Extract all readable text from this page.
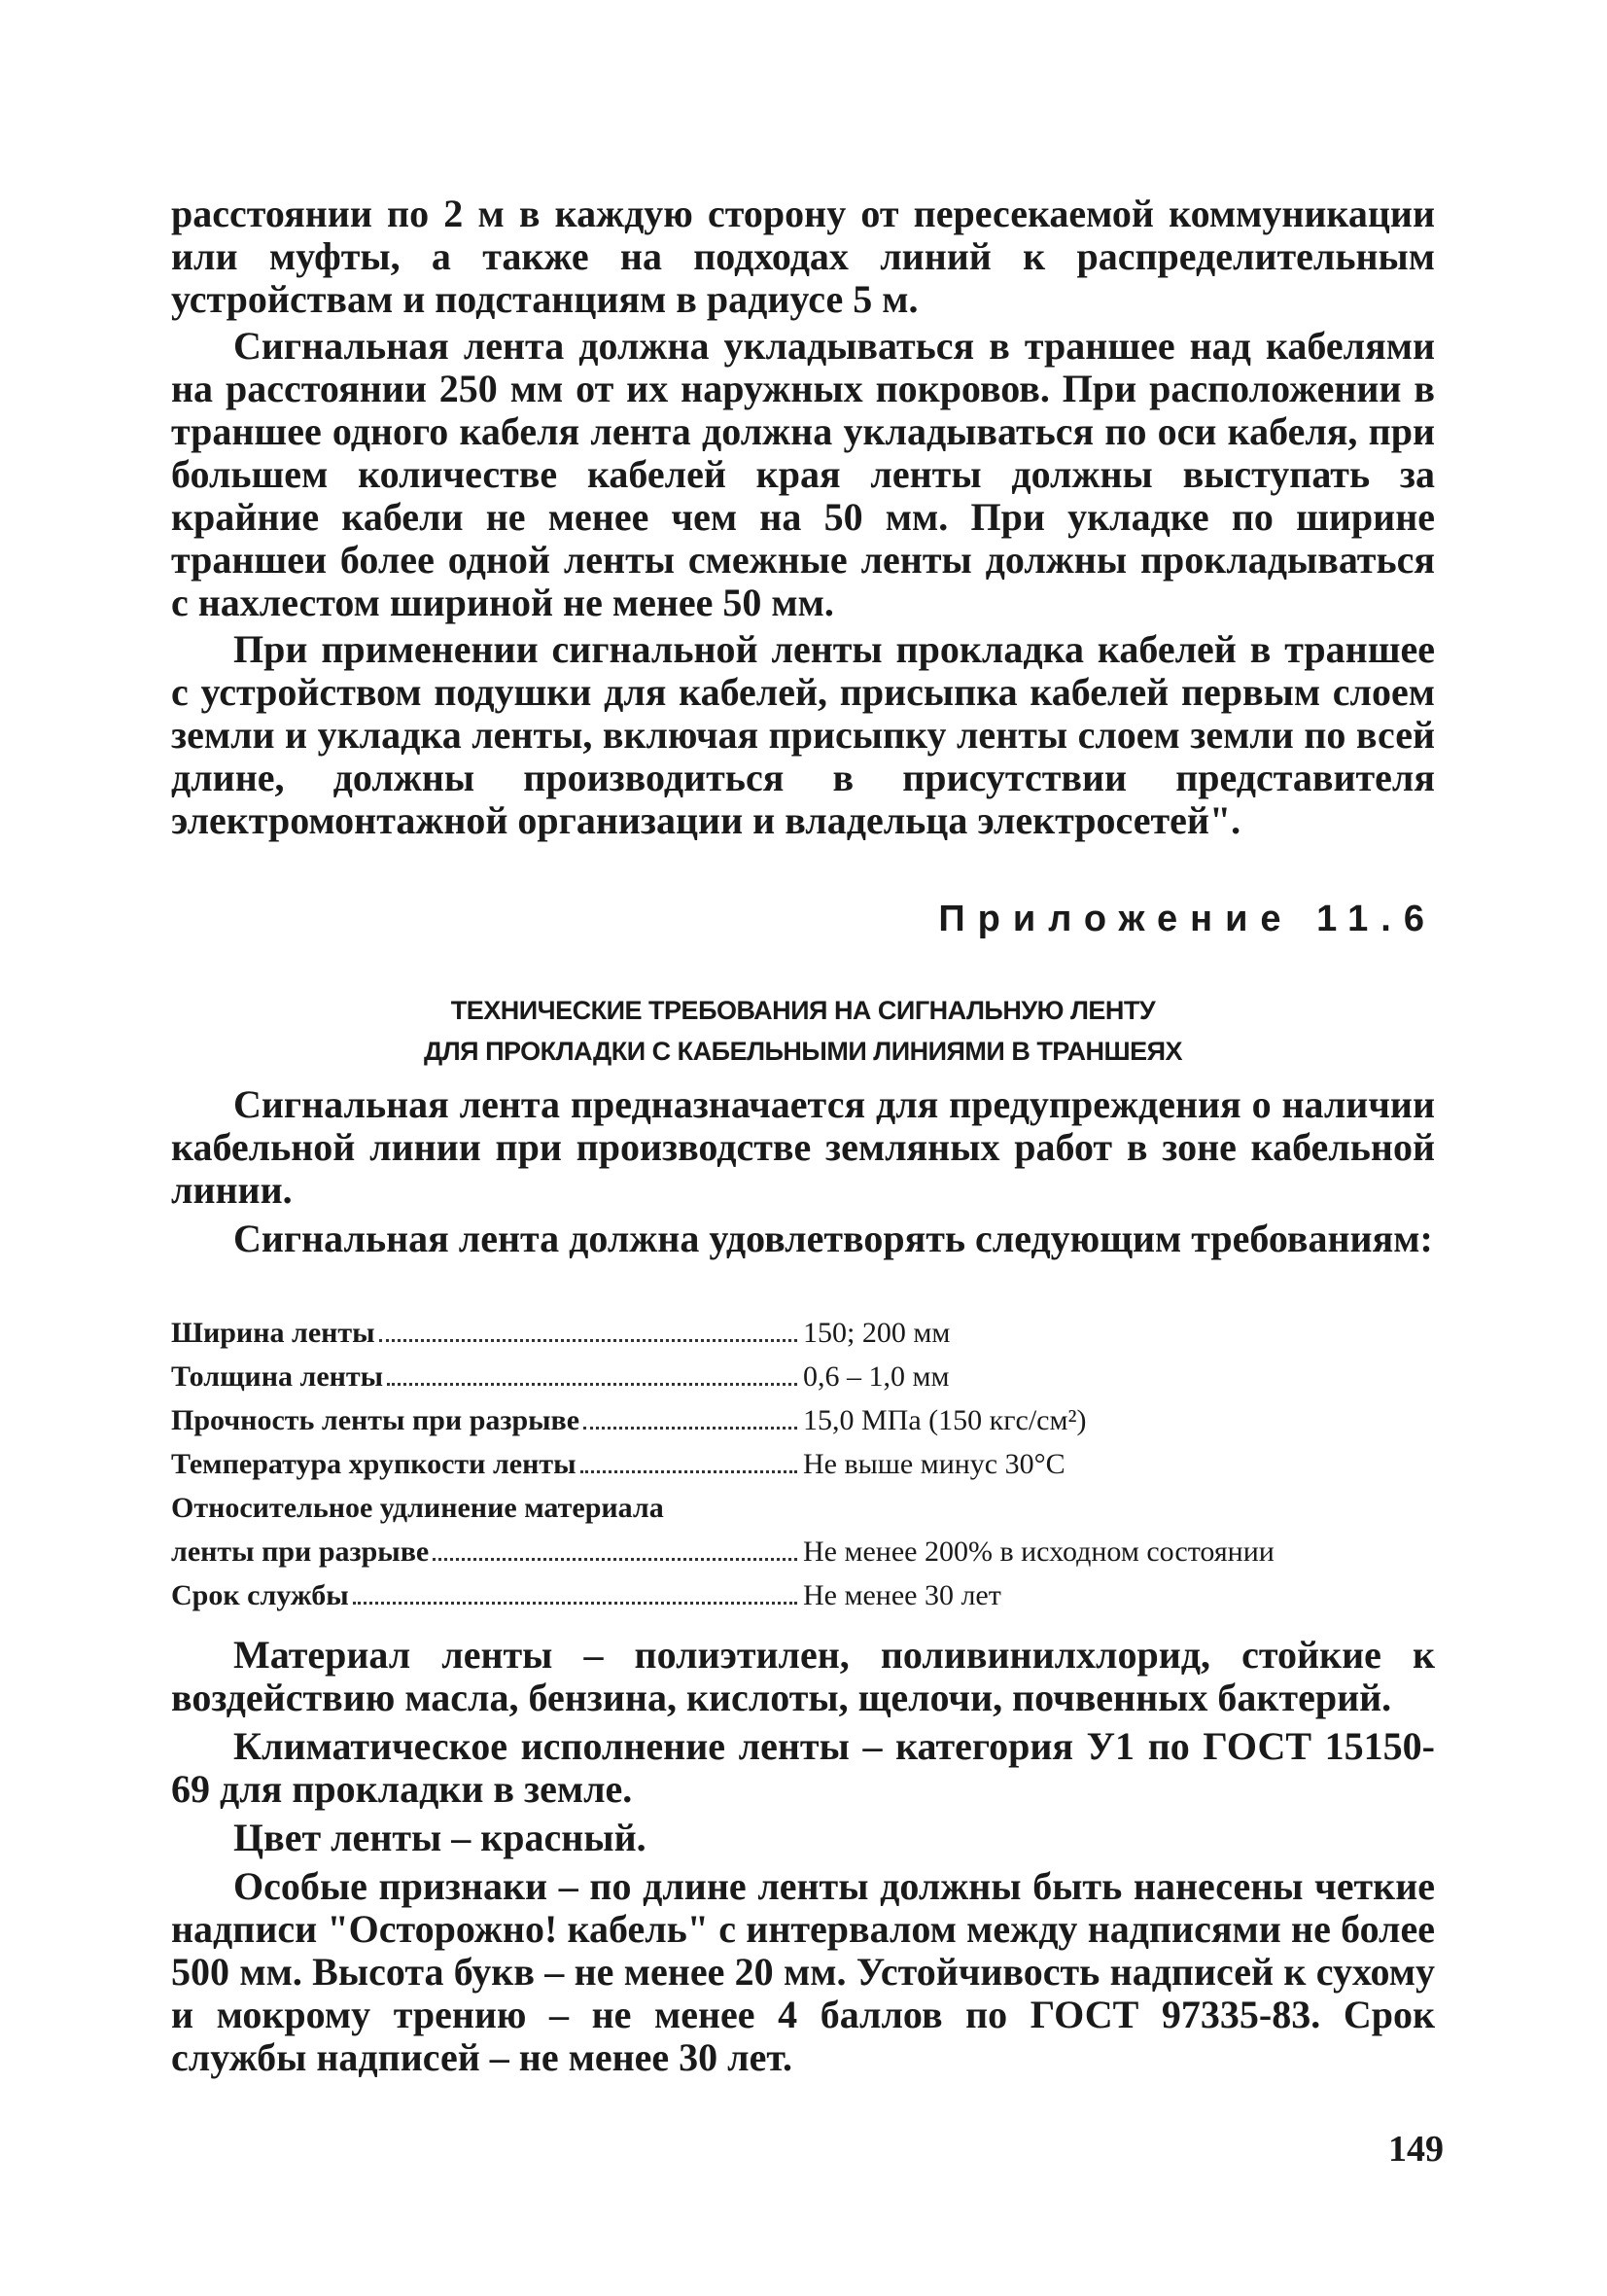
расстоянии по 2 м в каждую сторону от пересекаемой коммуникации или муфты, а также на подходах линий к распределительным устройствам и подстанциям в радиусе 5 м.

Сигнальная лента должна укладываться в траншее над кабелями на расстоянии 250 мм от их наружных покровов. При расположении в траншее одного кабеля лента должна укладываться по оси кабеля, при большем количестве кабелей края ленты должны выступать за крайние кабели не менее чем на 50 мм. При укладке по ширине траншеи более одной ленты смежные ленты должны прокладываться с нахлестом шириной не менее 50 мм.

При применении сигнальной ленты прокладка кабелей в траншее с устройством подушки для кабелей, присыпка кабелей первым слоем земли и укладка ленты, включая присыпку ленты слоем земли по всей длине, должны производиться в присутствии представителя электромонтажной организации и владельца электросетей".

Приложение 11.6
ТЕХНИЧЕСКИЕ ТРЕБОВАНИЯ НА СИГНАЛЬНУЮ ЛЕНТУ
ДЛЯ ПРОКЛАДКИ С КАБЕЛЬНЫМИ ЛИНИЯМИ В ТРАНШЕЯХ

Сигнальная лента предназначается для предупреждения о наличии кабельной линии при производстве земляных работ в зоне кабельной линии.

Сигнальная лента должна удовлетворять следующим требованиям:

Ширина ленты	150; 200 мм
Толщина ленты	0,6 – 1,0 мм
Прочность ленты при разрыве	15,0 МПа (150 кгс/см²)
Температура хрупкости ленты	Не выше минус 30°С
Относительное удлинение материала
ленты при разрыве	Не менее 200% в исходном состоянии
Срок службы	Не менее 30 лет

Материал ленты – полиэтилен, поливинилхлорид, стойкие к воздействию масла, бензина, кислоты, щелочи, почвенных бактерий.

Климатическое исполнение ленты – категория У1 по ГОСТ 15150-69 для прокладки в земле.

Цвет ленты – красный.

Особые признаки – по длине ленты должны быть нанесены четкие надписи "Осторожно! кабель" с интервалом между надписями не более 500 мм. Высота букв – не менее 20 мм. Устойчивость надписей к сухому и мокрому трению – не менее 4 баллов по ГОСТ 97335-83. Срок службы надписей – не менее 30 лет.

149
